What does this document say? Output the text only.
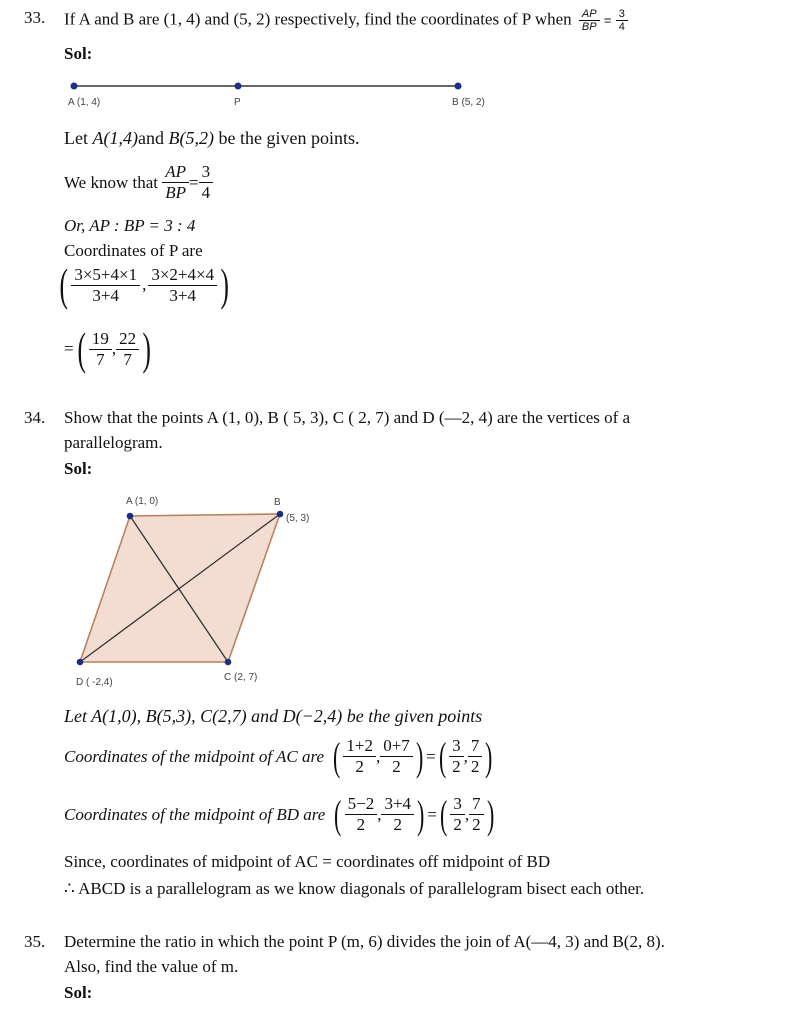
33. If A and B are (1, 4) and (5, 2) respectively, find the coordinates of P when $\frac{AP}{BP} = \frac{3}{4}$
Sol:
A (1, 4)	P	B (5, 2)
Let
A(1,4) and
B(5,2)
be the given points.
We know that
$\frac{AP}{BP} = \frac{3}{4}$
Or, AP : BP = 3 : 4
Coordinates of P are
( $\frac{3\times 5+4\times 1}{3+4}$ , $\frac{3\times 2+4\times 4}{3+4}$ )
= ( $\frac{19}{7}$ , $\frac{22}{7}$ )
34. Show that the points A (1, 0), B ( 5, 3), C ( 2, 7) and D (—2, 4) are the vertices of a
parallelogram.
Sol:
A (1, 0)	B
(5, 3)
C (2, 7)
D ( -2,4)
Let A(1,0), B(5,3), C(2,7) and D(−2,4) be the given points
Coordinates of the midpoint of AC are ( $\frac{1+2}{2}$ , $\frac{0+7}{2}$ ) = ( $\frac{3}{2}$ , $\frac{7}{2}$ )
Coordinates of the midpoint of BD are ( $\frac{5-2}{2}$ , $\frac{3+4}{2}$ ) = ( $\frac{3}{2}$ , $\frac{7}{2}$ )
Since, coordinates of midpoint of AC = coordinates off midpoint of BD
∴ ABCD is a parallelogram as we know diagonals of parallelogram bisect each other.
35. Determine the ratio in which the point P (m, 6) divides the join of A(—4, 3) and B(2, 8).
Also, find the value of m.
Sol:
